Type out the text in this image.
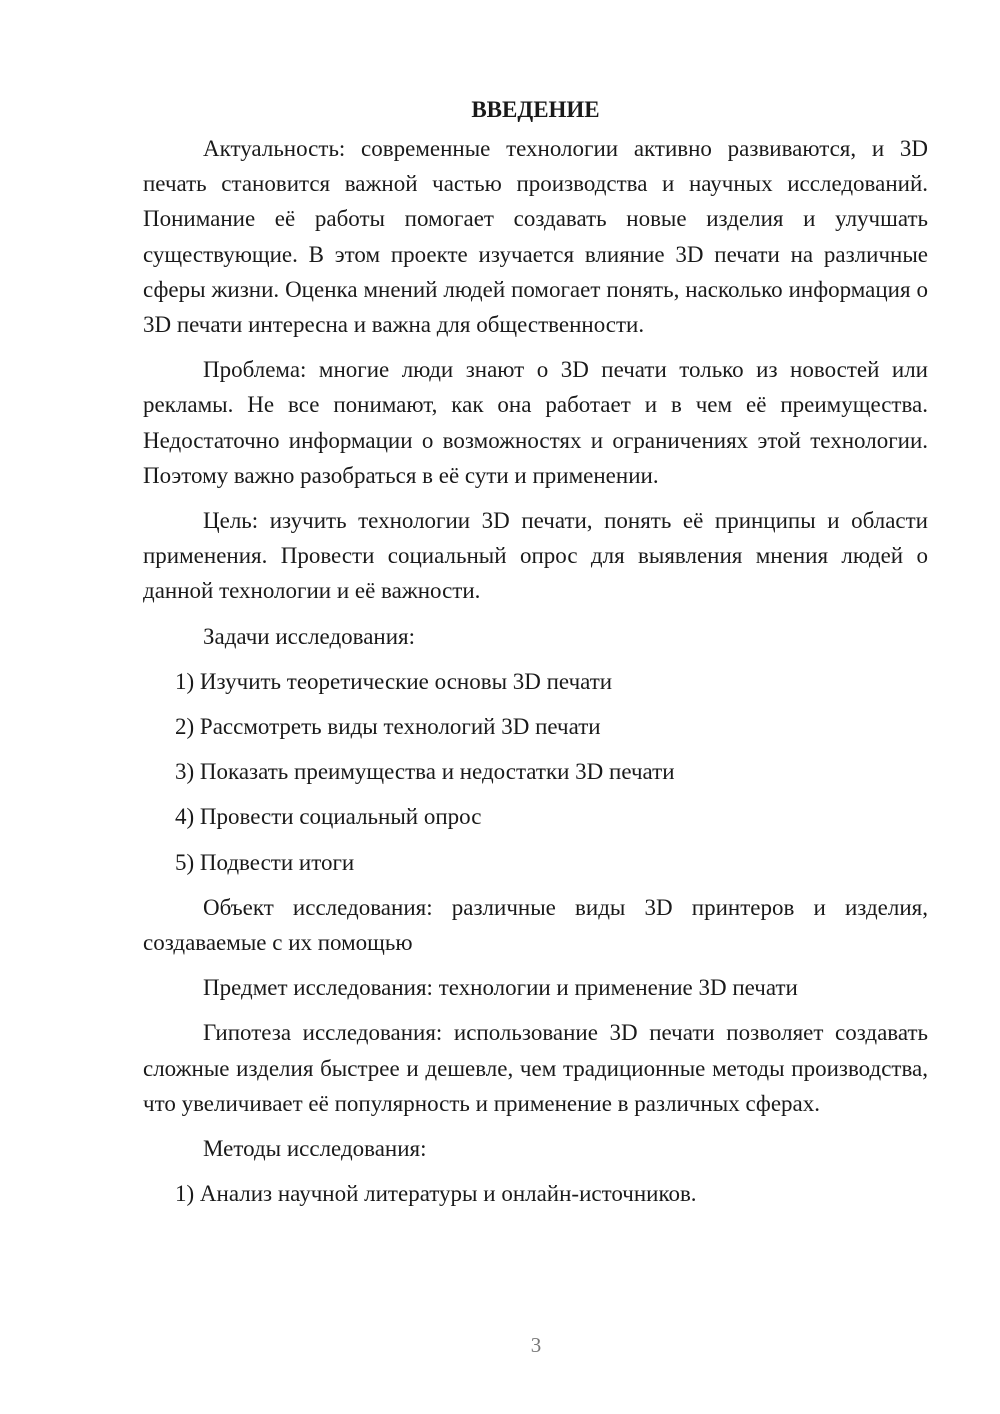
ВВЕДЕНИЕ

Актуальность: современные технологии активно развиваются, и 3D печать становится важной частью производства и научных исследований. Понимание её работы помогает создавать новые изделия и улучшать существующие. В этом проекте изучается влияние 3D печати на различные сферы жизни. Оценка мнений людей помогает понять, насколько информация о 3D печати интересна и важна для общественности.

Проблема: многие люди знают о 3D печати только из новостей или рекламы. Не все понимают, как она работает и в чем её преимущества. Недостаточно информации о возможностях и ограничениях этой технологии. Поэтому важно разобраться в её сути и применении.

Цель: изучить технологии 3D печати, понять её принципы и области применения. Провести социальный опрос для выявления мнения людей о данной технологии и её важности.

Задачи исследования:

1) Изучить теоретические основы 3D печати

2) Рассмотреть виды технологий 3D печати

3) Показать преимущества и недостатки 3D печати

4) Провести социальный опрос

5) Подвести итоги

Объект исследования: различные виды 3D принтеров и изделия, создаваемые с их помощью

Предмет исследования: технологии и применение 3D печати

Гипотеза исследования: использование 3D печати позволяет создавать сложные изделия быстрее и дешевле, чем традиционные методы производства, что увеличивает её популярность и применение в различных сферах.

Методы исследования:

1) Анализ научной литературы и онлайн-источников.

3
